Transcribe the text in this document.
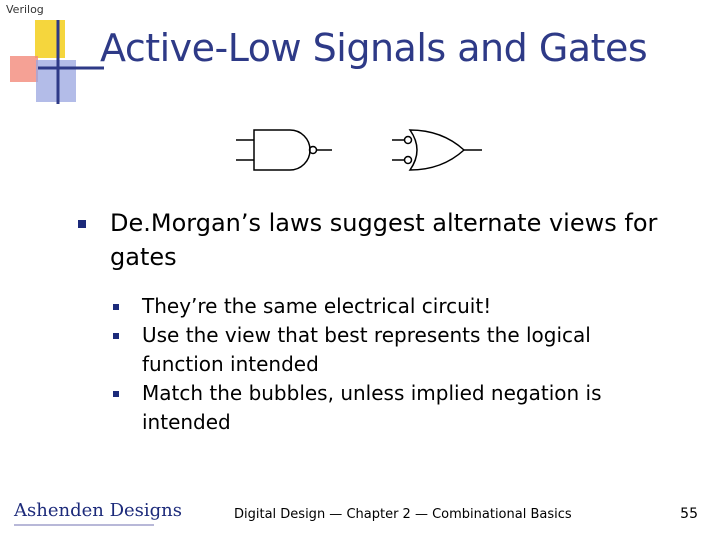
Verilog
Active-Low Signals and Gates
De.Morgan’s laws suggest alternate views for gates
They’re the same electrical circuit!
Use the view that best represents the logical function intended
Match the bubbles, unless implied negation is intended
Ashenden Designs	Digital Design — Chapter 2 — Combinational Basics	55
